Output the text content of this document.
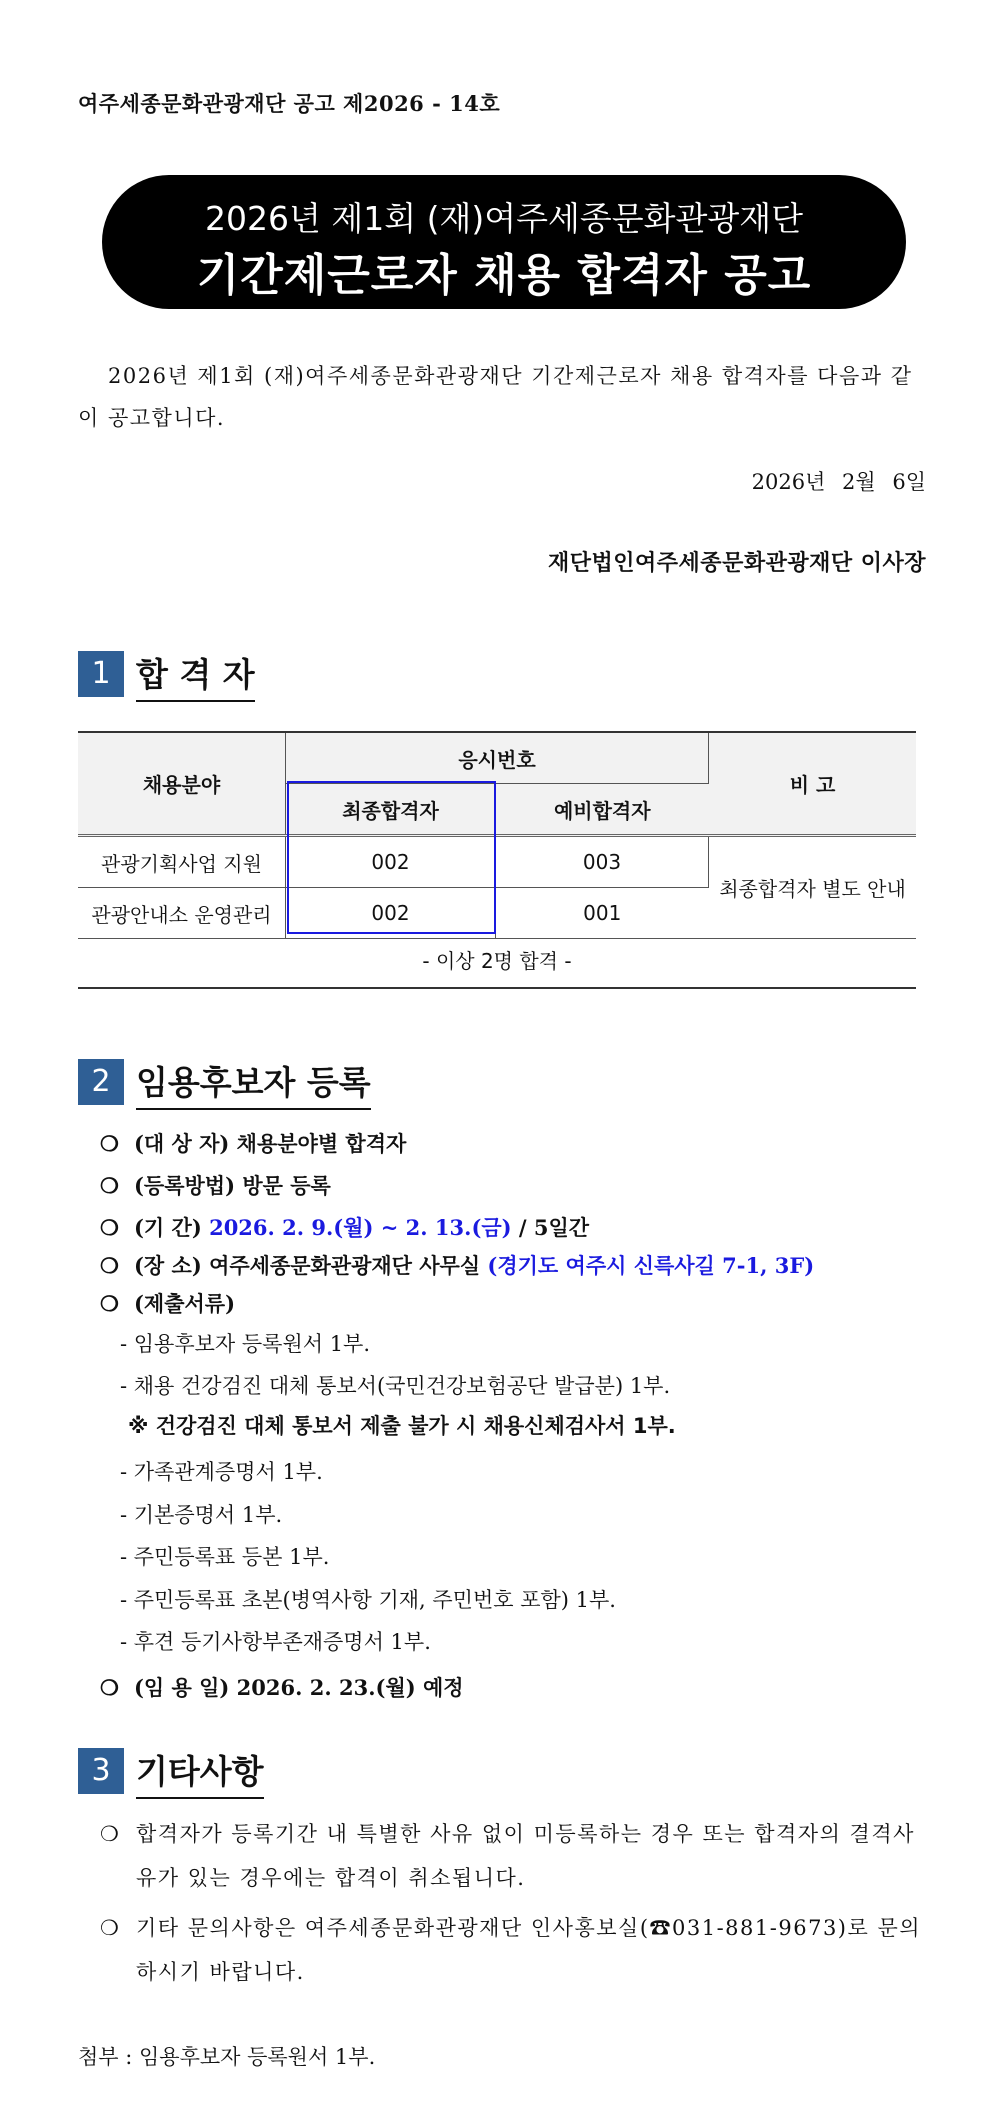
여주세종문화관광재단 공고 제2026 - 14호
2026년 제1회 (재)여주세종문화관광재단
기간제근로자 채용 합격자 공고
2026년 제1회 (재)여주세종문화관광재단 기간제근로자 채용 합격자를 다음과 같이 공고합니다.
2026년 2월 6일
재단법인여주세종문화관광재단 이사장
1 합 격 자
채용분야	응시번호		비 고
	최종합격자	예비합격자	
관광기획사업 지원	002	003	최종합격자 별도 안내
관광안내소 운영관리	002	001	
- 이상 2명 합격 -
2 임용후보자 등록
❍ (대 상 자) 채용분야별 합격자
❍ (등록방법) 방문 등록
❍ (기 간) 2026. 2. 9.(월) ~ 2. 13.(금) / 5일간
❍ (장 소) 여주세종문화관광재단 사무실 (경기도 여주시 신륵사길 7-1, 3F)
❍ (제출서류)
- 임용후보자 등록원서 1부.
- 채용 건강검진 대체 통보서(국민건강보험공단 발급분) 1부.
※ 건강검진 대체 통보서 제출 불가 시 채용신체검사서 1부.
- 가족관계증명서 1부.
- 기본증명서 1부.
- 주민등록표 등본 1부.
- 주민등록표 초본(병역사항 기재, 주민번호 포함) 1부.
- 후견 등기사항부존재증명서 1부.
❍ (임 용 일) 2026. 2. 23.(월) 예정
3 기타사항
❍ 합격자가 등록기간 내 특별한 사유 없이 미등록하는 경우 또는 합격자의 결격사유가 있는 경우에는 합격이 취소됩니다.
❍ 기타 문의사항은 여주세종문화관광재단 인사홍보실(☎031-881-9673)로 문의하시기 바랍니다.
첨부 : 임용후보자 등록원서 1부.
